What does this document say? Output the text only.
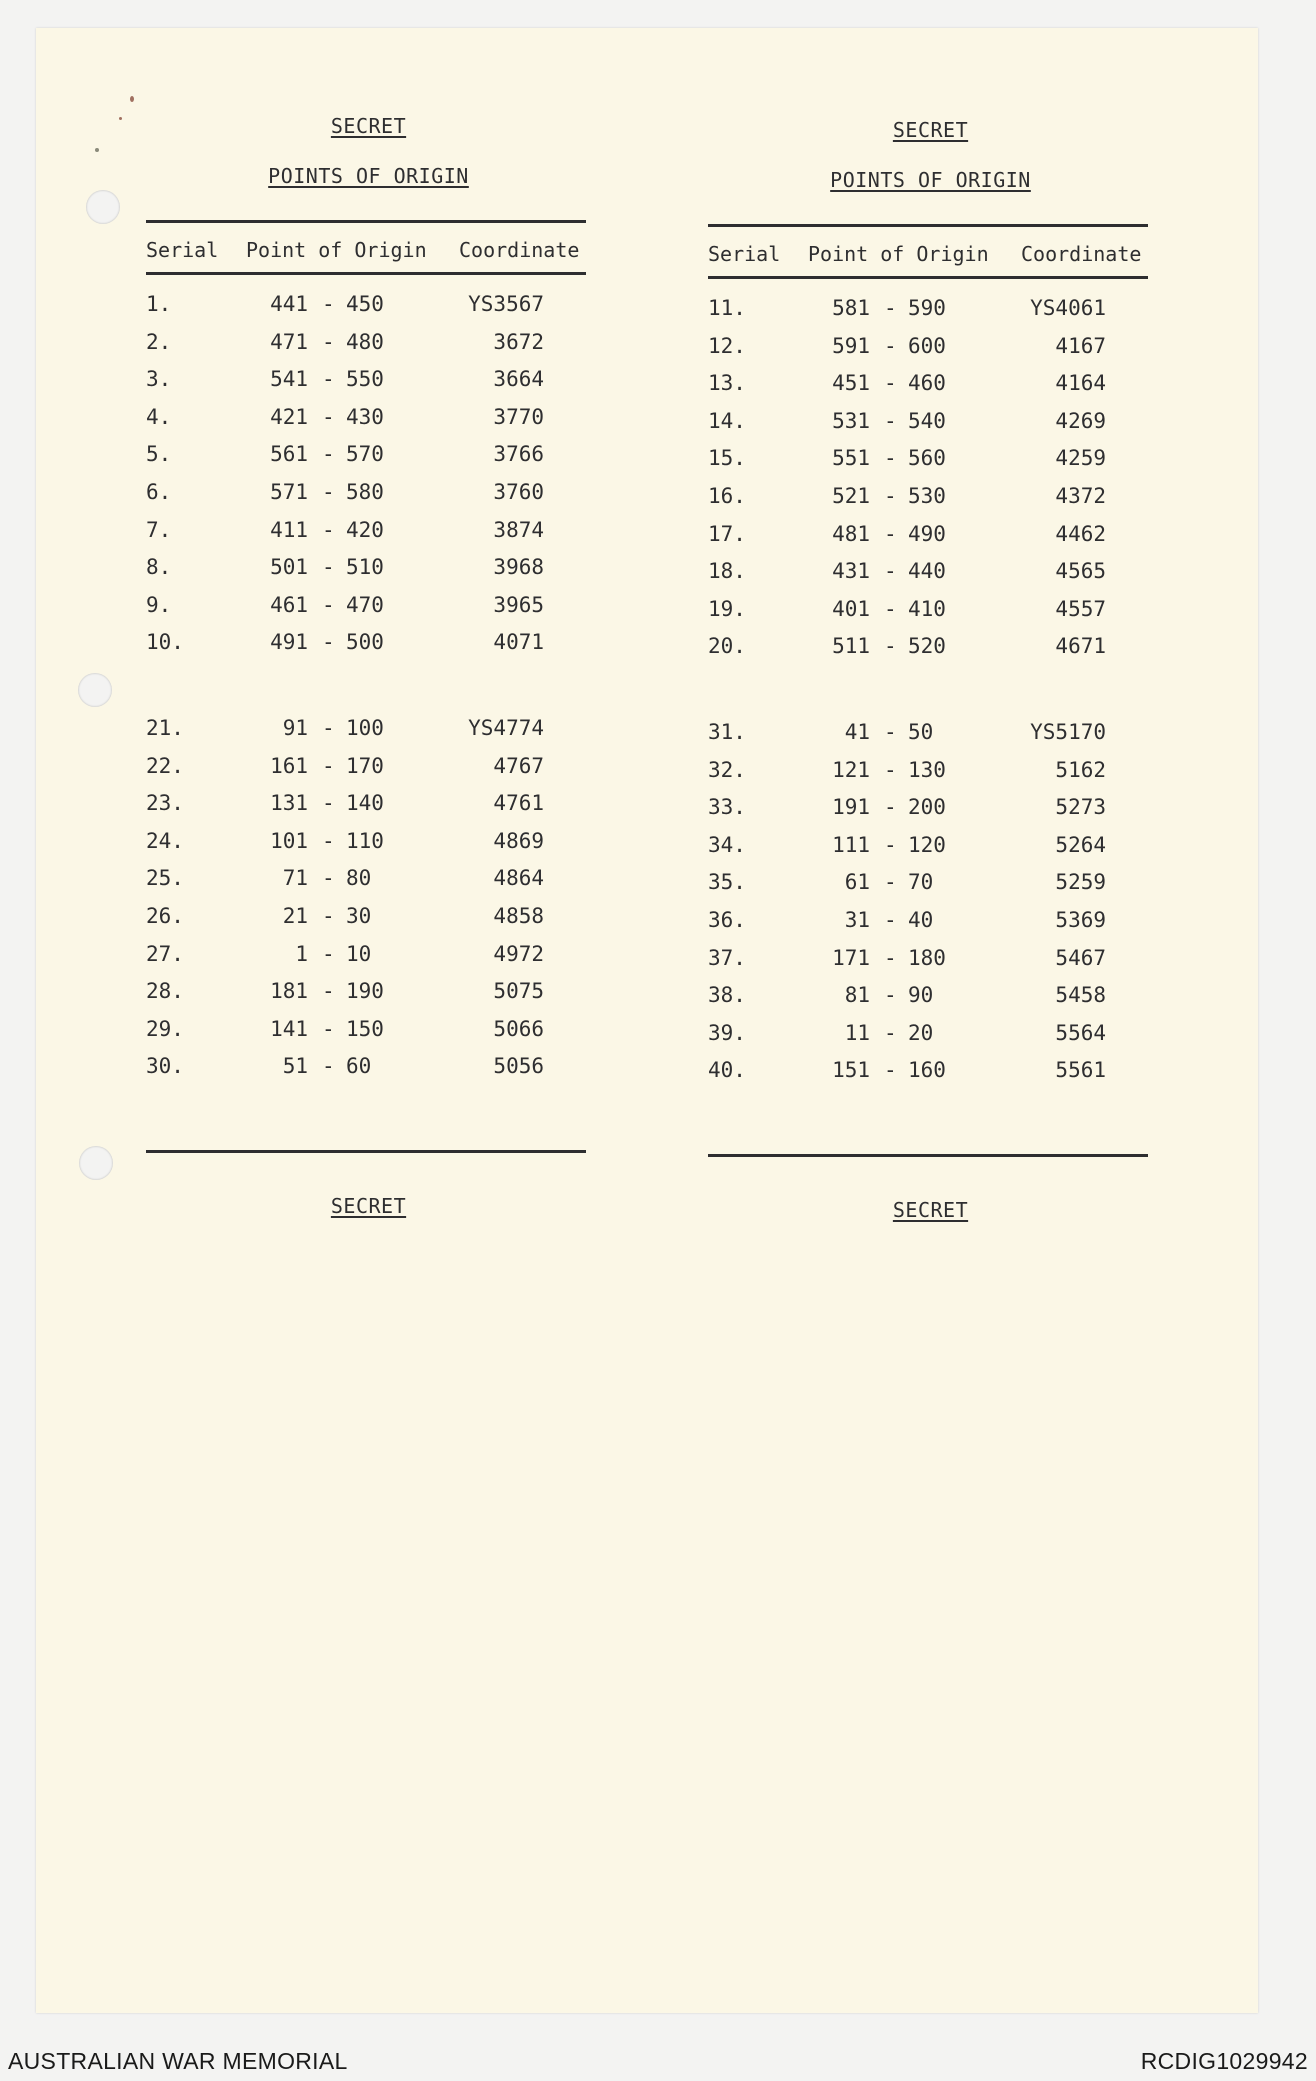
SECRET
POINTS OF ORIGIN
Serial Point of Origin Coordinate
1.	441 - 450	YS3567
2.	471 - 480	3672
3.	541 - 550	3664
4.	421 - 430	3770
5.	561 - 570	3766
6.	571 - 580	3760
7.	411 - 420	3874
8.	501 - 510	3968
9.	461 - 470	3965
10.	491 - 500	4071
21.	91 - 100	YS4774
22.	161 - 170	4767
23.	131 - 140	4761
24.	101 - 110	4869
25.	71 - 80	4864
26.	21 - 30	4858
27.	1 - 10	4972
28.	181 - 190	5075
29.	141 - 150	5066
30.	51 - 60	5056
SECRET
SECRET
POINTS OF ORIGIN
Serial Point of Origin Coordinate
11.	581 - 590	YS4061
12.	591 - 600	4167
13.	451 - 460	4164
14.	531 - 540	4269
15.	551 - 560	4259
16.	521 - 530	4372
17.	481 - 490	4462
18.	431 - 440	4565
19.	401 - 410	4557
20.	511 - 520	4671
31.	41 - 50	YS5170
32.	121 - 130	5162
33.	191 - 200	5273
34.	111 - 120	5264
35.	61 - 70	5259
36.	31 - 40	5369
37.	171 - 180	5467
38.	81 - 90	5458
39.	11 - 20	5564
40.	151 - 160	5561
SECRET
AUSTRALIAN WAR MEMORIAL	RCDIG1029942
